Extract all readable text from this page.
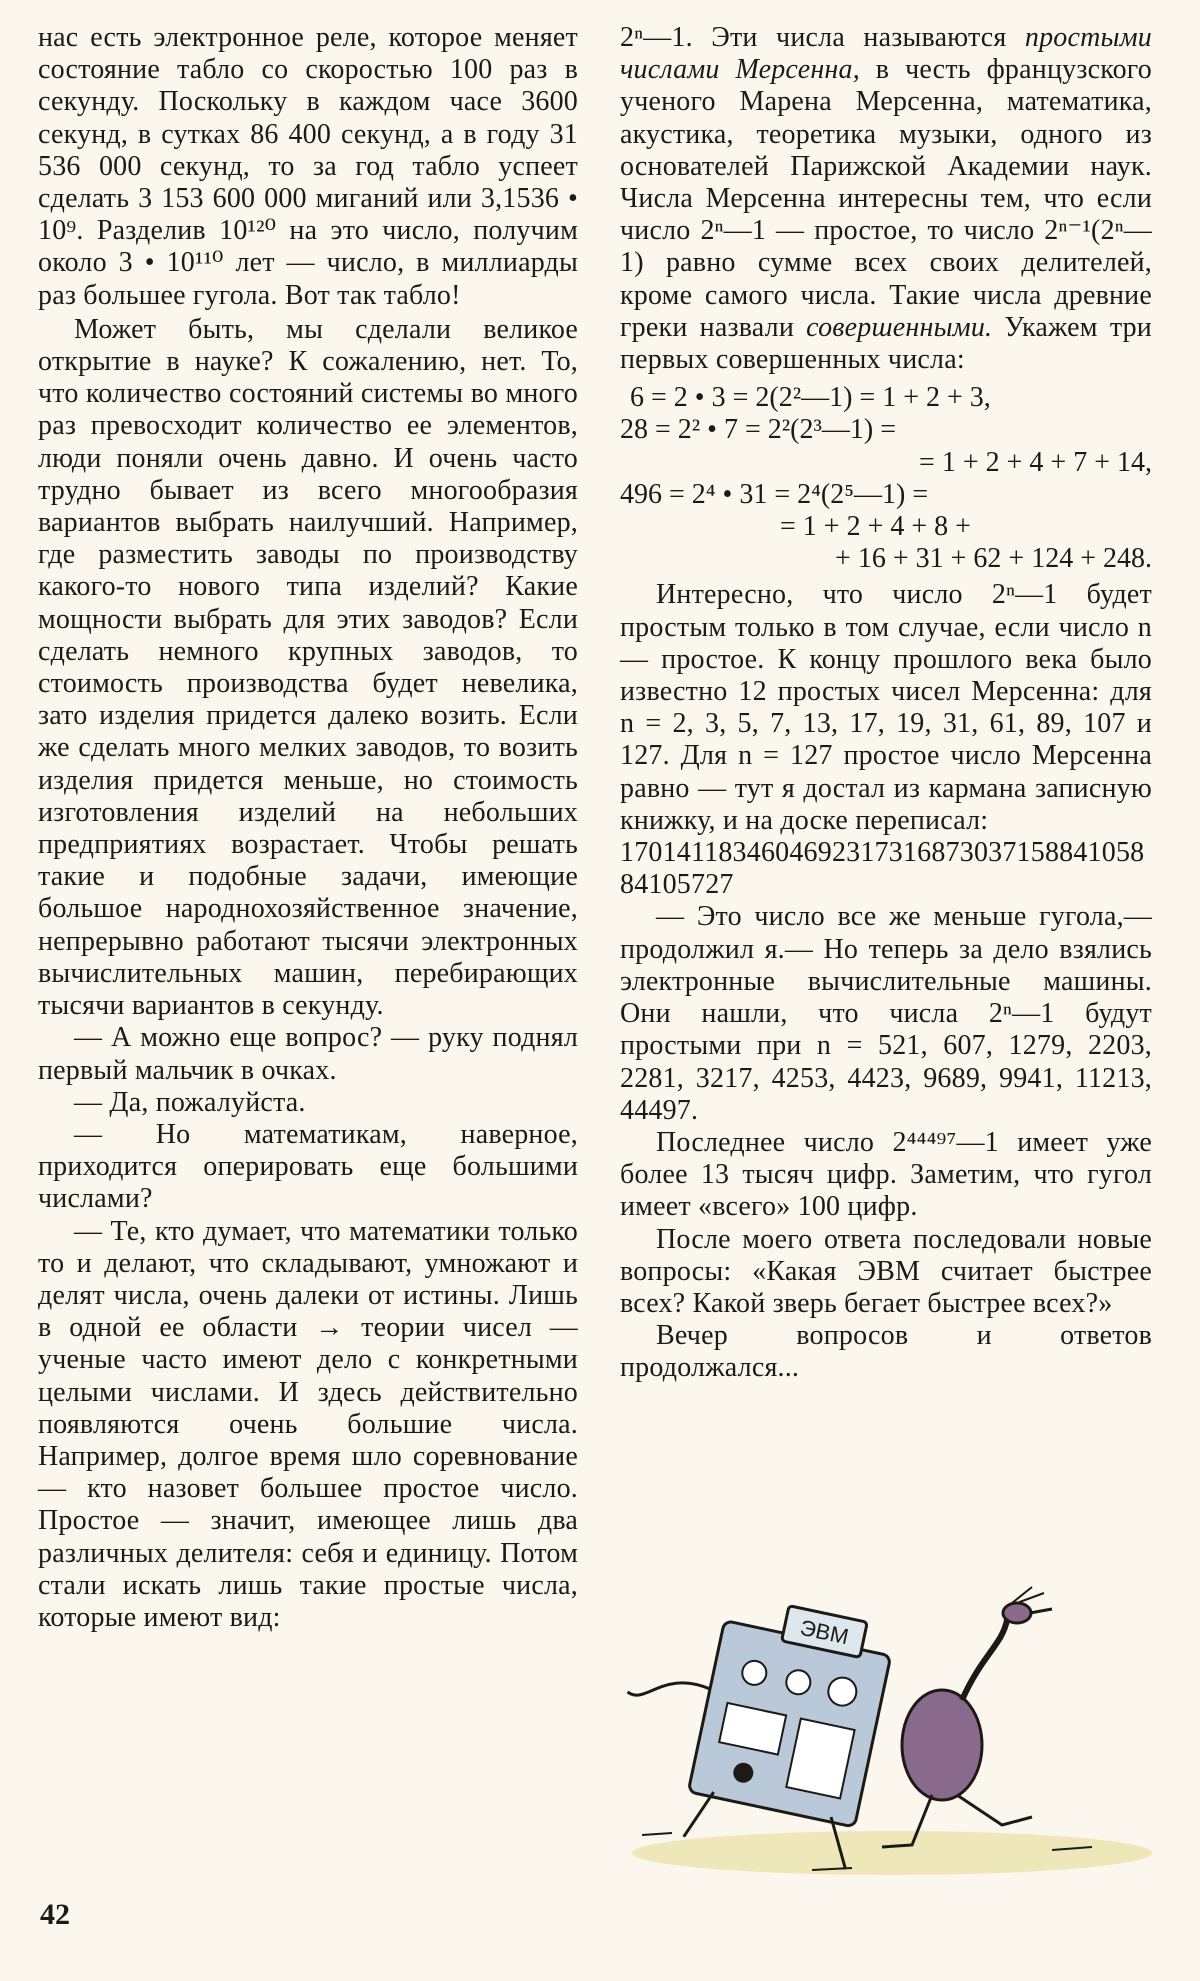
нас есть электронное реле, которое меняет состояние табло со скоростью 100 раз в секунду. Поскольку в каждом часе 3600 секунд, в сутках 86 400 секунд, а в году 31 536 000 секунд, то за год табло успеет сделать 3 153 600 000 миганий или 3,1536 • 10⁹. Разделив 10¹²⁰ на это число, получим около 3 • 10¹¹⁰ лет — число, в миллиарды раз большее гугола. Вот так табло!

Может быть, мы сделали великое открытие в науке? К сожалению, нет. То, что количество состояний системы во много раз превосходит количество ее элементов, люди поняли очень давно. И очень часто трудно бывает из всего многообразия вариантов выбрать наилучший. Например, где разместить заводы по производству какого-то нового типа изделий? Какие мощности выбрать для этих заводов? Если сделать немного крупных заводов, то стоимость производства будет невелика, зато изделия придется далеко возить. Если же сделать много мелких заводов, то возить изделия придется меньше, но стоимость изготовления изделий на небольших предприятиях возрастает. Чтобы решать такие и подобные задачи, имеющие большое народнохозяйственное значение, непрерывно работают тысячи электронных вычислительных машин, перебирающих тысячи вариантов в секунду.

— А можно еще вопрос? — руку поднял первый мальчик в очках.

— Да, пожалуйста.

— Но математикам, наверное, приходится оперировать еще большими числами?

— Те, кто думает, что математики только то и делают, что складывают, умножают и делят числа, очень далеки от истины. Лишь в одной ее области → теории чисел — ученые часто имеют дело с конкретными целыми числами. И здесь действительно появляются очень большие числа. Например, долгое время шло соревнование — кто назовет большее простое число. Простое — значит, имеющее лишь два различных делителя: себя и единицу. Потом стали искать лишь такие простые числа, которые имеют вид:

2ⁿ—1. Эти числа называются простыми числами Мерсенна, в честь французского ученого Марена Мерсенна, математика, акустика, теоретика музыки, одного из основателей Парижской Академии наук. Числа Мерсенна интересны тем, что если число 2ⁿ—1 — простое, то число 2ⁿ⁻¹(2ⁿ—1) равно сумме всех своих делителей, кроме самого числа. Такие числа древние греки назвали совершенными. Укажем три первых совершенных числа:

6 = 2 • 3 = 2(2²—1) = 1 + 2 + 3,
28 = 2² • 7 = 2²(2³—1) =
= 1 + 2 + 4 + 7 + 14,
496 = 2⁴ • 31 = 2⁴(2⁵—1) =
= 1 + 2 + 4 + 8 +
+ 16 + 31 + 62 + 124 + 248.

Интересно, что число 2ⁿ—1 будет простым только в том случае, если число n — простое. К концу прошлого века было известно 12 простых чисел Мерсенна: для n = 2, 3, 5, 7, 13, 17, 19, 31, 61, 89, 107 и 127. Для n = 127 простое число Мерсенна равно — тут я достал из кармана записную книжку, и на доске переписал:

170141183460469231731687303715884105884105727

— Это число все же меньше гугола,— продолжил я.— Но теперь за дело взялись электронные вычислительные машины. Они нашли, что числа 2ⁿ—1 будут простыми при n = 521, 607, 1279, 2203, 2281, 3217, 4253, 4423, 9689, 9941, 11213, 44497.

Последнее число 2⁴⁴⁴⁹⁷—1 имеет уже более 13 тысяч цифр. Заметим, что гугол имеет «всего» 100 цифр.

После моего ответа последовали новые вопросы: «Какая ЭВМ считает быстрее всех? Какой зверь бегает быстрее всех?»

Вечер вопросов и ответов продолжался...

ЭВМ
42
